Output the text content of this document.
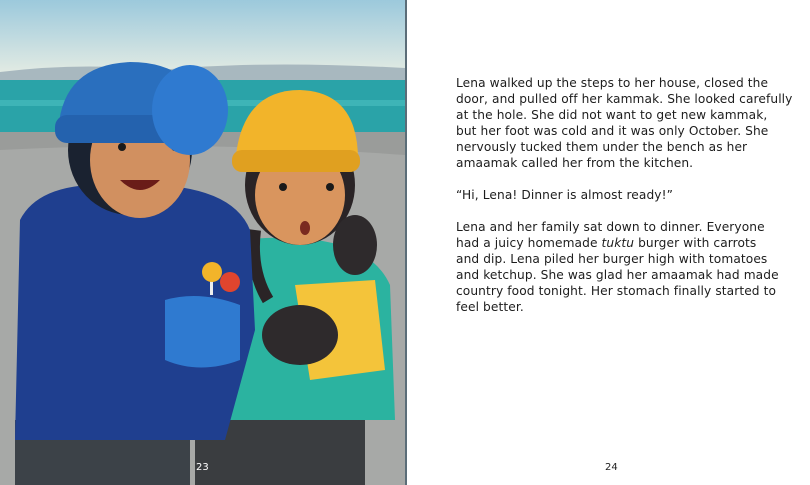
23
Lena walked up the steps to her house, closed the
door, and pulled off her kammak. She looked carefully
at the hole. She did not want to get new kammak,
but her foot was cold and it was only October. She
nervously tucked them under the bench as her
amaamak called her from the kitchen.
“Hi, Lena! Dinner is almost ready!”
Lena and her family sat down to dinner. Everyone
had a juicy homemade tuktu burger with carrots
and dip. Lena piled her burger high with tomatoes
and ketchup. She was glad her amaamak had made
country food tonight. Her stomach finally started to
feel better.
24
